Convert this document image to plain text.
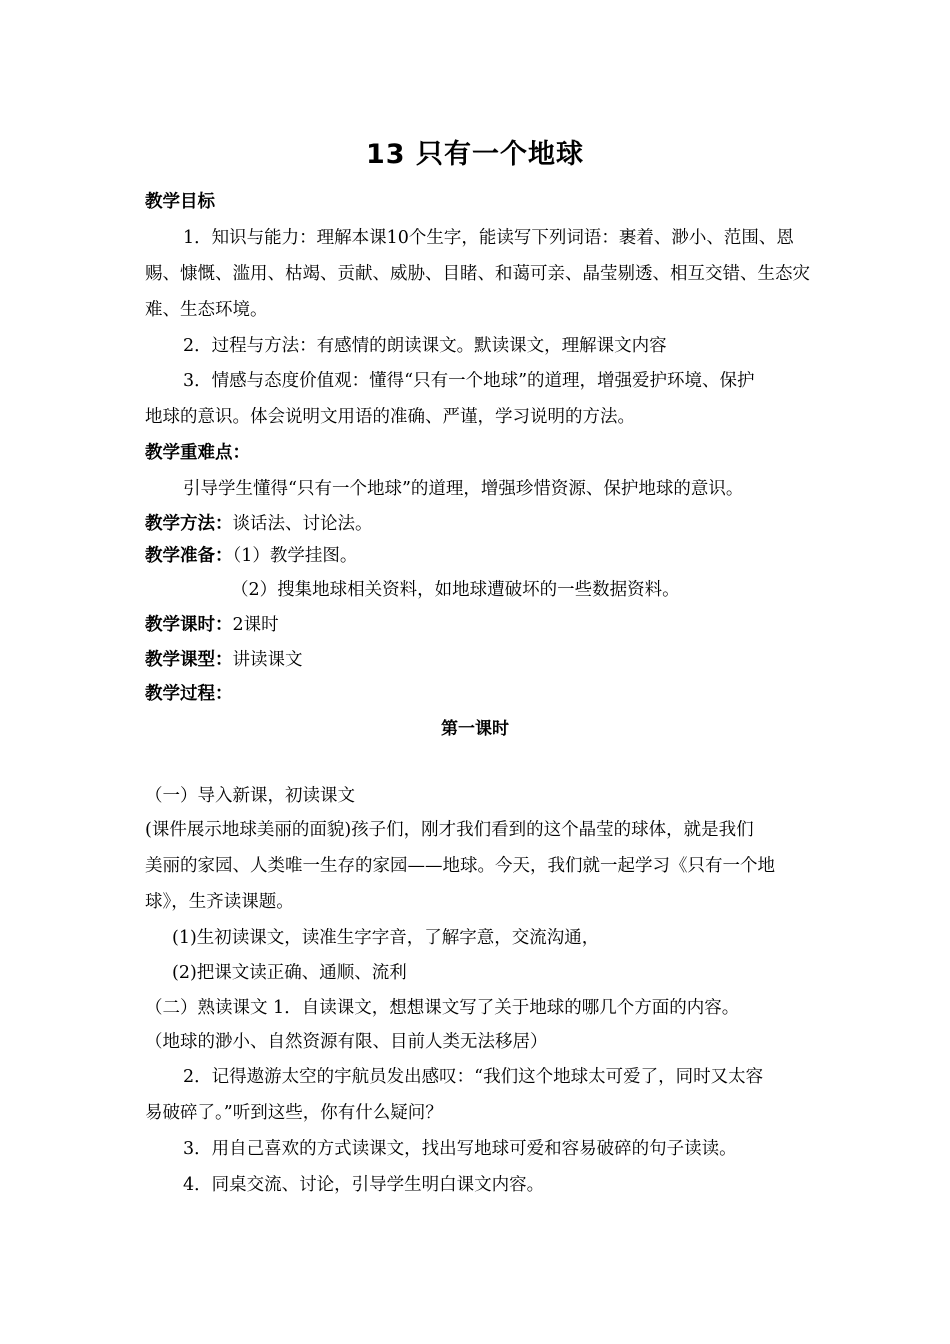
13 只有一个地球
教学目标
1．知识与能力：理解本课10个生字，能读写下列词语：裹着、渺小、范围、恩
赐、慷慨、滥用、枯竭、贡献、威胁、目睹、和蔼可亲、晶莹剔透、相互交错、生态灾
难、生态环境。
2．过程与方法：有感情的朗读课文。默读课文，理解课文内容
3．情感与态度价值观：懂得“只有一个地球”的道理，增强爱护环境、保护
地球的意识。体会说明文用语的准确、严谨，学习说明的方法。
教学重难点：
引导学生懂得“只有一个地球”的道理，增强珍惜资源、保护地球的意识。
教学方法：谈话法、讨论法。
教学准备：（1）教学挂图。
（2）搜集地球相关资料，如地球遭破坏的一些数据资料。
教学课时：2课时
教学课型：讲读课文
教学过程：
第一课时
（一）导入新课，初读课文
(课件展示地球美丽的面貌)孩子们，刚才我们看到的这个晶莹的球体，就是我们
美丽的家园、人类唯一生存的家园——地球。今天，我们就一起学习《只有一个地
球》，生齐读课题。
(1)生初读课文，读准生字字音，了解字意，交流沟通，
(2)把课文读正确、通顺、流利
（二）熟读课文 1．自读课文，想想课文写了关于地球的哪几个方面的内容。
（地球的渺小、自然资源有限、目前人类无法移居）
2．记得遨游太空的宇航员发出感叹：“我们这个地球太可爱了，同时又太容
易破碎了。”听到这些，你有什么疑问？
3．用自己喜欢的方式读课文，找出写地球可爱和容易破碎的句子读读。
4．同桌交流、讨论，引导学生明白课文内容。
